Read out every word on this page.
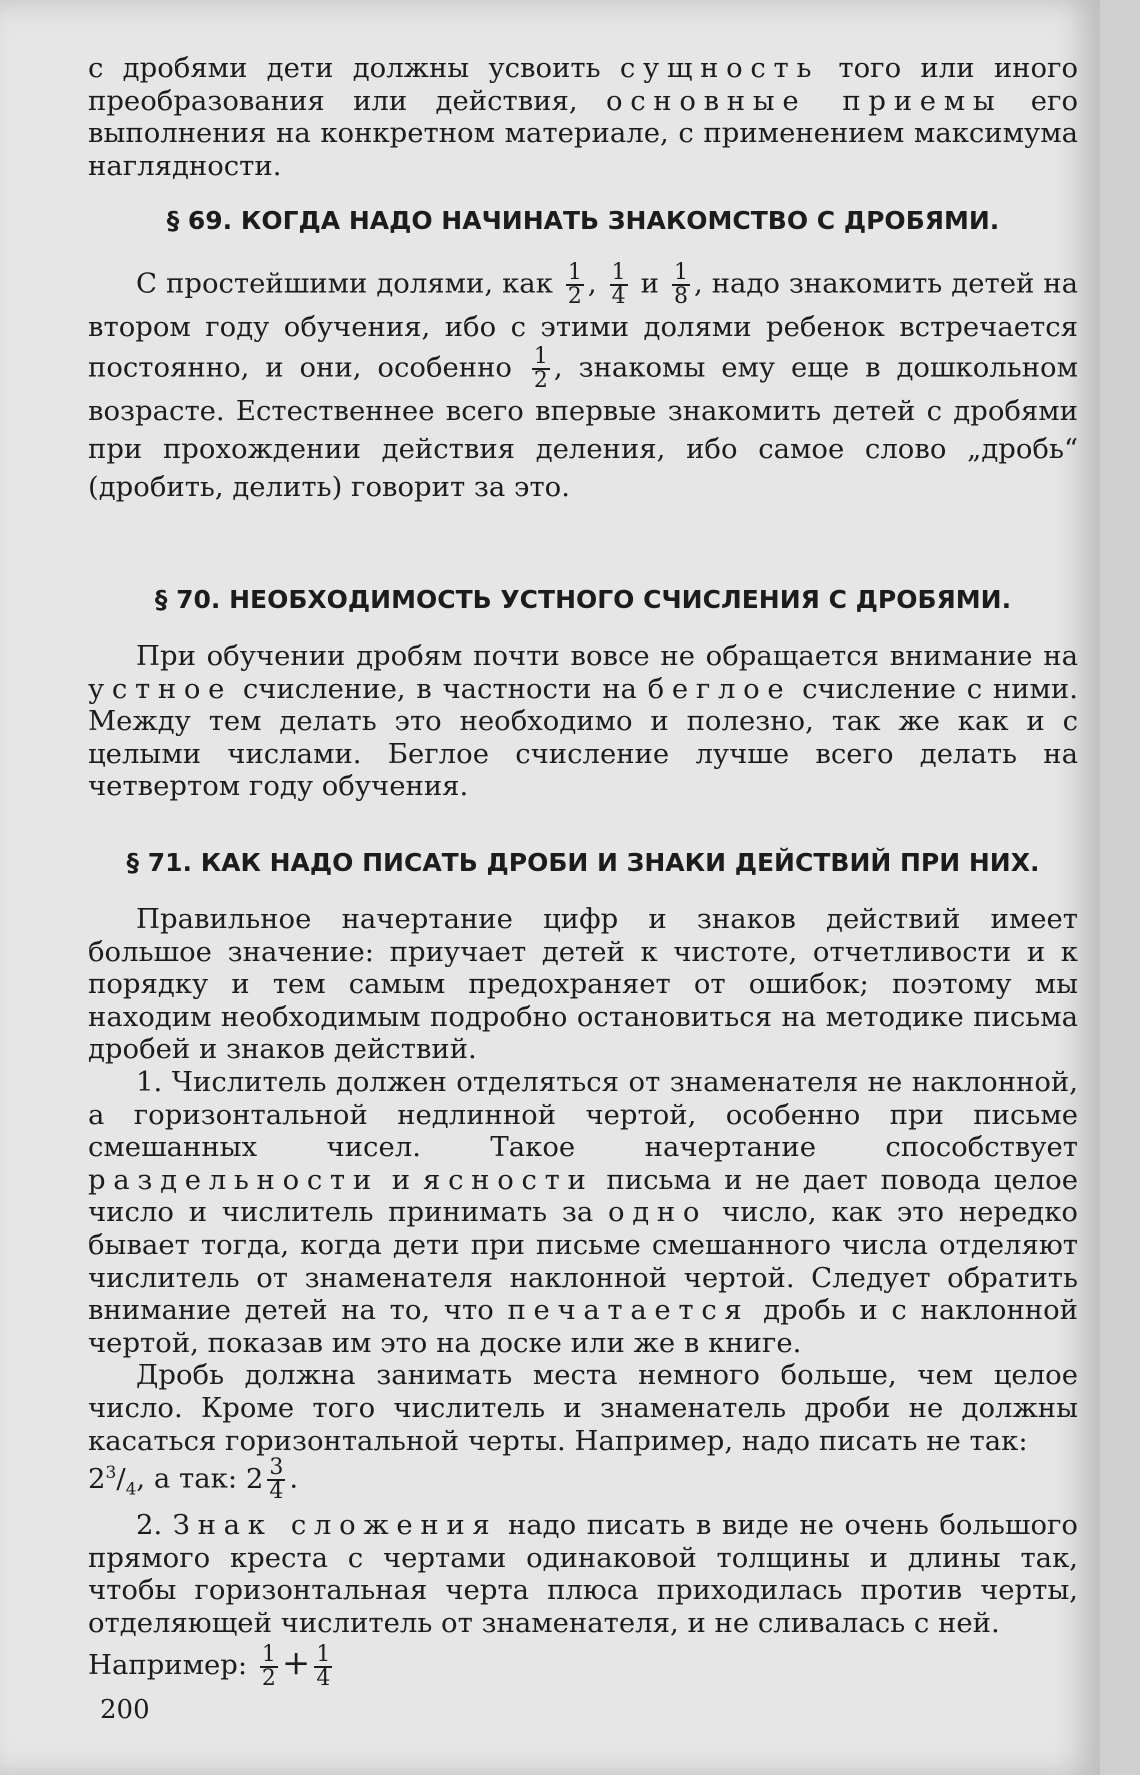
с дробями дети должны усвоить сущность того или иного преобразования или действия, основные приемы его выполнения на конкретном материале, с применением максимума наглядности.

§ 69. КОГДА НАДО НАЧИНАТЬ ЗНАКОМСТВО С ДРОБЯМИ.

С простейшими долями, как $\frac{1}{2}$ , $\frac{1}{4}$ и $\frac{1}{8}$ , надо знакомить детей на втором году обучения, ибо с этими долями ребенок встречается постоянно, и они, особенно $\frac{1}{2}$ , знакомы ему еще в дошкольном возрасте. Естественнее всего впервые знакомить детей с дробями при прохождении действия деления, ибо самое слово „дробь“ (дробить, делить) говорит за это.

§ 70. НЕОБХОДИМОСТЬ УСТНОГО СЧИСЛЕНИЯ С ДРОБЯМИ.

При обучении дробям почти вовсе не обращается внимание на устное счисление, в частности на беглое счисление с ними. Между тем делать это необходимо и полезно, так же как и с целыми числами. Беглое счисление лучше всего делать на четвертом году обучения.

§ 71. КАК НАДО ПИСАТЬ ДРОБИ И ЗНАКИ ДЕЙСТВИЙ ПРИ НИХ.

Правильное начертание цифр и знаков действий имеет большое значение: приучает детей к чистоте, отчетливости и к порядку и тем самым предохраняет от ошибок; поэтому мы находим необходимым подробно остановиться на методике письма дробей и знаков действий.

1. Числитель должен отделяться от знаменателя не наклонной, а горизонтальной недлинной чертой, особенно при письме смешанных чисел. Такое начертание способствует раздельности и ясности письма и не дает повода целое число и числитель принимать за одно число, как это нередко бывает тогда, когда дети при письме смешанного числа отделяют числитель от знаменателя наклонной чертой. Следует обратить внимание детей на то, что печатается дробь и с наклонной чертой, показав им это на доске или же в книге.

Дробь должна занимать места немного больше, чем целое число. Кроме того числитель и знаменатель дроби не должны касаться горизонтальной черты. Например, надо писать не так:

$2^3/_4$, а так: $2 \frac{3}{4}$ .

2. Знак сложения надо писать в виде не очень большого прямого креста с чертами одинаковой толщины и длины так, чтобы горизонтальная черта плюса приходилась против черты, отделяющей числитель от знаменателя, и не сливалась с ней.

Например: $\frac{1}{2} + \frac{1}{4}$

200
